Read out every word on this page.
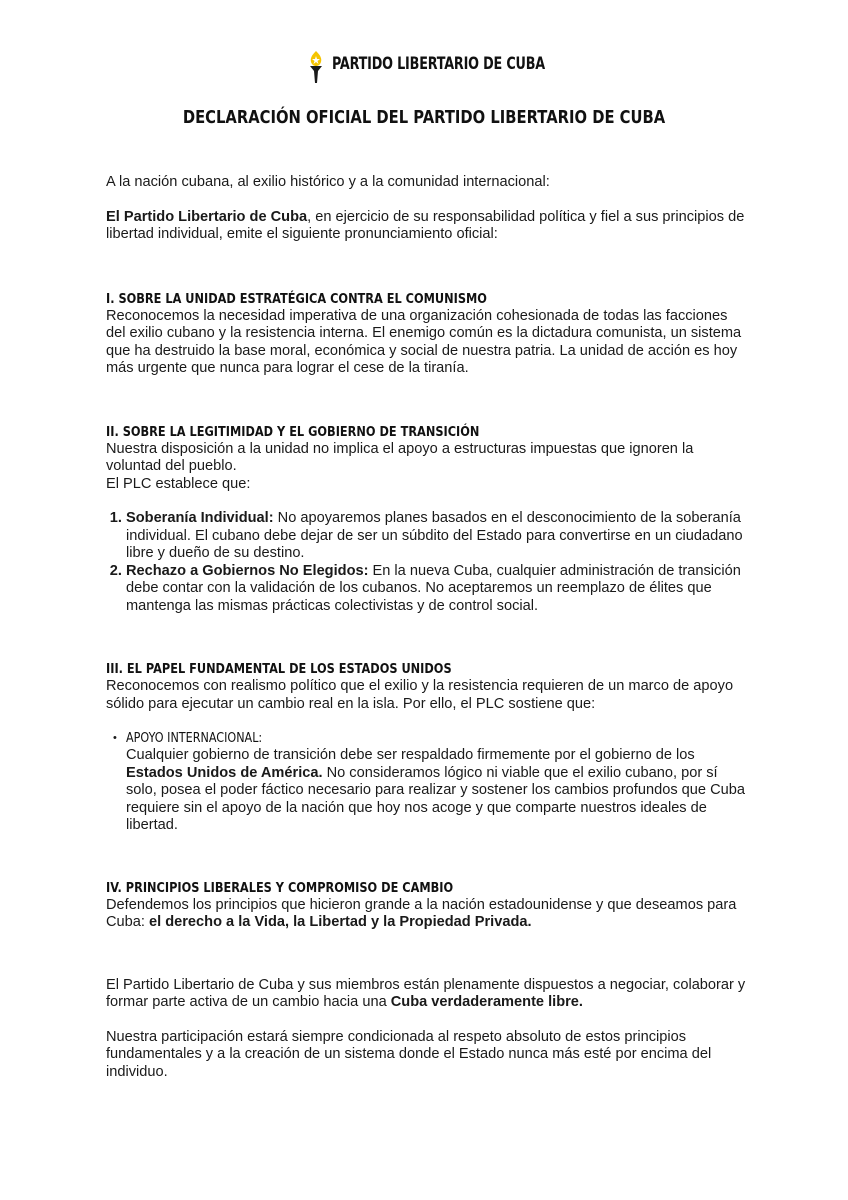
PARTIDO LIBERTARIO DE CUBA
DECLARACIÓN OFICIAL DEL PARTIDO LIBERTARIO DE CUBA

A la nación cubana, al exilio histórico y a la comunidad internacional:

El Partido Libertario de Cuba, en ejercicio de su responsabilidad política y fiel a sus principios de libertad individual, emite el siguiente pronunciamiento oficial:

I. SOBRE LA UNIDAD ESTRATÉGICA CONTRA EL COMUNISMO

Reconocemos la necesidad imperativa de una organización cohesionada de todas las facciones del exilio cubano y la resistencia interna. El enemigo común es la dictadura comunista, un sistema que ha destruido la base moral, económica y social de nuestra patria. La unidad de acción es hoy más urgente que nunca para lograr el cese de la tiranía.

II. SOBRE LA LEGITIMIDAD Y EL GOBIERNO DE TRANSICIÓN

Nuestra disposición a la unidad no implica el apoyo a estructuras impuestas que ignoren la voluntad del pueblo.

El PLC establece que:

1. Soberanía Individual: No apoyaremos planes basados en el desconocimiento de la soberanía individual. El cubano debe dejar de ser un súbdito del Estado para convertirse en un ciudadano libre y dueño de su destino.
2. Rechazo a Gobiernos No Elegidos: En la nueva Cuba, cualquier administración de transición debe contar con la validación de los cubanos. No aceptaremos un reemplazo de élites que mantenga las mismas prácticas colectivistas y de control social.

III. EL PAPEL FUNDAMENTAL DE LOS ESTADOS UNIDOS

Reconocemos con realismo político que el exilio y la resistencia requieren de un marco de apoyo sólido para ejecutar un cambio real en la isla. Por ello, el PLC sostiene que:

• APOYO INTERNACIONAL:
Cualquier gobierno de transición debe ser respaldado firmemente por el gobierno de los Estados Unidos de América. No consideramos lógico ni viable que el exilio cubano, por sí solo, posea el poder fáctico necesario para realizar y sostener los cambios profundos que Cuba requiere sin el apoyo de la nación que hoy nos acoge y que comparte nuestros ideales de libertad.

IV. PRINCIPIOS LIBERALES Y COMPROMISO DE CAMBIO

Defendemos los principios que hicieron grande a la nación estadounidense y que deseamos para Cuba: el derecho a la Vida, la Libertad y la Propiedad Privada.

El Partido Libertario de Cuba y sus miembros están plenamente dispuestos a negociar, colaborar y formar parte activa de un cambio hacia una Cuba verdaderamente libre.

Nuestra participación estará siempre condicionada al respeto absoluto de estos principios fundamentales y a la creación de un sistema donde el Estado nunca más esté por encima del individuo.
